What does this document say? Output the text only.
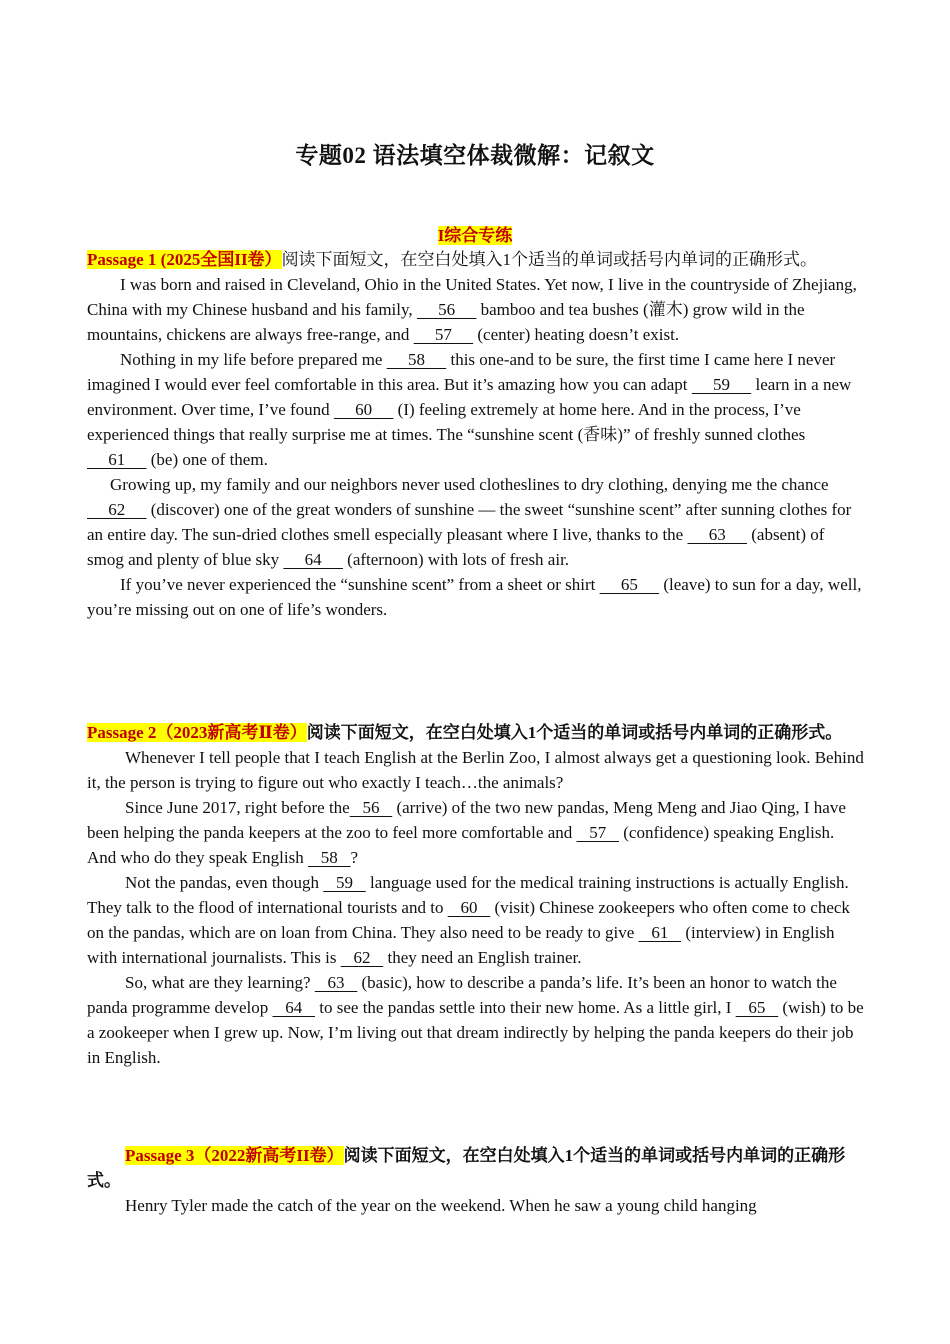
专题02 语法填空体裁微解：记叙文
I综合专练

Passage 1 (2025全国II卷）阅读下面短文，在空白处填入1个适当的单词或括号内单词的正确形式。

I was born and raised in Cleveland, Ohio in the United States. Yet now, I live in the countryside of Zhejiang, China with my Chinese husband and his family,      56      bamboo and tea bushes (灌木) grow wild in the mountains, chickens are always free-range, and      57      (center) heating doesn’t exist.

Nothing in my life before prepared me      58      this one-and to be sure, the first time I came here I never imagined I would ever feel comfortable in this area. But it’s amazing how you can adapt      59      learn in a new environment. Over time, I’ve found      60      (I) feeling extremely at home here. And in the process, I’ve experienced things that really surprise me at times. The “sunshine scent (香味)” of freshly sunned clothes      61      (be) one of them.

Growing up, my family and our neighbors never used clotheslines to dry clothing, denying me the chance      62      (discover) one of the great wonders of sunshine — the sweet “sunshine scent” after sunning clothes for an entire day. The sun-dried clothes smell especially pleasant where I live, thanks to the      63      (absent) of smog and plenty of blue sky      64      (afternoon) with lots of fresh air.

If you’ve never experienced the “sunshine scent” from a sheet or shirt      65      (leave) to sun for a day, well, you’re missing out on one of life’s wonders.

Passage 2（2023新高考Ⅱ卷）阅读下面短文，在空白处填入1个适当的单词或括号内单词的正确形式。

Whenever I tell people that I teach English at the Berlin Zoo, I almost always get a questioning look. Behind it, the person is trying to figure out who exactly I teach…the animals?

Since June 2017, right before the   56    (arrive) of the two new pandas, Meng Meng and Jiao Qing, I have been helping the panda keepers at the zoo to feel more comfortable and    57    (confidence) speaking English. And who do they speak English    58   ?

Not the pandas, even though    59    language used for the medical training instructions is actually English. They talk to the flood of international tourists and to    60    (visit) Chinese zookeepers who often come to check on the pandas, which are on loan from China. They also need to be ready to give    61    (interview) in English with international journalists. This is    62    they need an English trainer.

So, what are they learning?    63    (basic), how to describe a panda’s life. It’s been an honor to watch the panda programme develop    64    to see the pandas settle into their new home. As a little girl, I    65    (wish) to be a zookeeper when I grew up. Now, I’m living out that dream indirectly by helping the panda keepers do their job in English.

Passage 3（2022新高考II卷）阅读下面短文，在空白处填入1个适当的单词或括号内单词的正确形式。

Henry Tyler made the catch of the year on the weekend. When he saw a young child hanging
